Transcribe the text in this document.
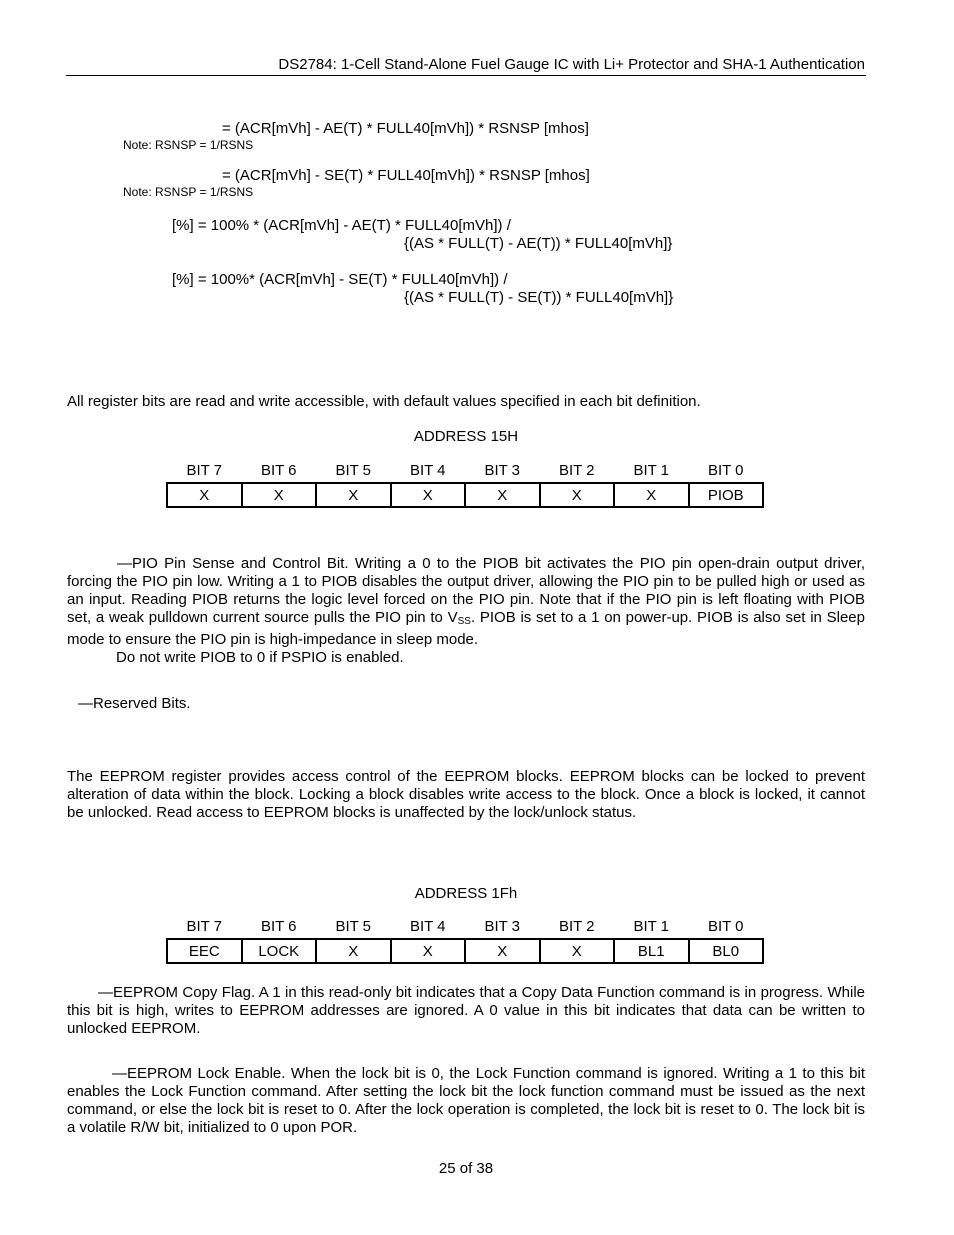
DS2784: 1-Cell Stand-Alone Fuel Gauge IC with Li+ Protector and SHA-1 Authentication
= (ACR[mVh] - AE(T) * FULL40[mVh]) * RSNSP [mhos]
Note: RSNSP = 1/RSNS
= (ACR[mVh] - SE(T) * FULL40[mVh]) * RSNSP [mhos]
Note: RSNSP = 1/RSNS
[%] = 100% * (ACR[mVh] - AE(T) * FULL40[mVh]) /
{(AS * FULL(T) - AE(T)) * FULL40[mVh]}
[%] = 100%* (ACR[mVh] - SE(T) * FULL40[mVh]) /
{(AS * FULL(T) - SE(T)) * FULL40[mVh]}
All register bits are read and write accessible, with default values specified in each bit definition.
ADDRESS 15H
BIT 7	BIT 6	BIT 5	BIT 4	BIT 3	BIT 2	BIT 1	BIT 0
X	X	X	X	X	X	X	PIOB
—PIO Pin Sense and Control Bit. Writing a 0 to the PIOB bit activates the PIO pin open-drain output driver, forcing the PIO pin low. Writing a 1 to PIOB disables the output driver, allowing the PIO pin to be pulled high or used as an input. Reading PIOB returns the logic level forced on the PIO pin. Note that if the PIO pin is left floating with PIOB set, a weak pulldown current source pulls the PIO pin to $V_{SS}$. PIOB is set to a 1 on power-up. PIOB is also set in Sleep mode to ensure the PIO pin is high-impedance in sleep mode.
Do not write PIOB to 0 if PSPIO is enabled.
—Reserved Bits.
The EEPROM register provides access control of the EEPROM blocks. EEPROM blocks can be locked to prevent alteration of data within the block. Locking a block disables write access to the block. Once a block is locked, it cannot be unlocked. Read access to EEPROM blocks is unaffected by the lock/unlock status.
ADDRESS 1Fh
BIT 7	BIT 6	BIT 5	BIT 4	BIT 3	BIT 2	BIT 1	BIT 0
EEC	LOCK	X	X	X	X	BL1	BL0
—EEPROM Copy Flag. A 1 in this read-only bit indicates that a Copy Data Function command is in progress. While this bit is high, writes to EEPROM addresses are ignored. A 0 value in this bit indicates that data can be written to unlocked EEPROM.
—EEPROM Lock Enable. When the lock bit is 0, the Lock Function command is ignored. Writing a 1 to this bit enables the Lock Function command. After setting the lock bit the lock function command must be issued as the next command, or else the lock bit is reset to 0. After the lock operation is completed, the lock bit is reset to 0. The lock bit is a volatile R/W bit, initialized to 0 upon POR.
25 of 38
